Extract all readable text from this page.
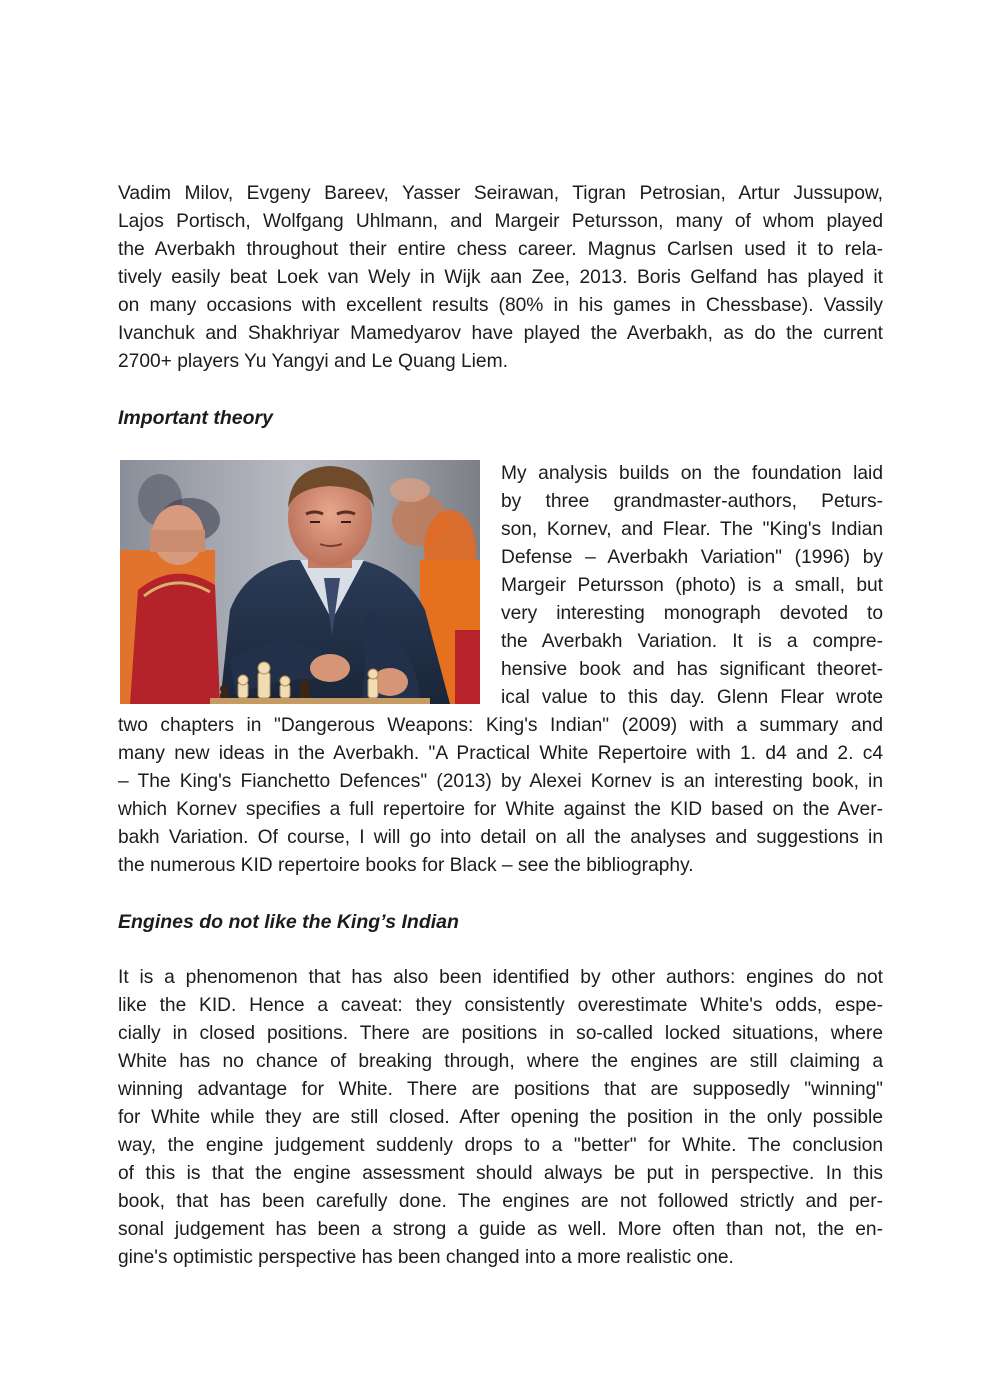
Vadim Milov, Evgeny Bareev, Yasser Seirawan, Tigran Petrosian, Artur Jussupow,
Lajos Portisch, Wolfgang Uhlmann, and Margeir Petursson, many of whom played
the Averbakh throughout their entire chess career. Magnus Carlsen used it to rela-
tively easily beat Loek van Wely in Wijk aan Zee, 2013. Boris Gelfand has played it
on many occasions with excellent results (80% in his games in Chessbase). Vassily
Ivanchuk and Shakhriyar Mamedyarov have played the Averbakh, as do the current
2700+ players Yu Yangyi and Le Quang Liem.
Important theory
My analysis builds on the foundation laid
by three grandmaster-authors, Peturs-
son, Kornev, and Flear. The "King's Indian
Defense – Averbakh Variation" (1996) by
Margeir Petursson (photo) is a small, but
very interesting monograph devoted to
the Averbakh Variation. It is a compre-
hensive book and has significant theoret-
ical value to this day. Glenn Flear wrote
two chapters in "Dangerous Weapons: King's Indian" (2009) with a summary and
many new ideas in the Averbakh. "A Practical White Repertoire with 1. d4 and 2. c4
– The King's Fianchetto Defences" (2013) by Alexei Kornev is an interesting book, in
which Kornev specifies a full repertoire for White against the KID based on the Aver-
bakh Variation. Of course, I will go into detail on all the analyses and suggestions in
the numerous KID repertoire books for Black – see the bibliography.
Engines do not like the King’s Indian
It is a phenomenon that has also been identified by other authors: engines do not
like the KID. Hence a caveat: they consistently overestimate White's odds, espe-
cially in closed positions. There are positions in so-called locked situations, where
White has no chance of breaking through, where the engines are still claiming a
winning advantage for White. There are positions that are supposedly "winning"
for White while they are still closed. After opening the position in the only possible
way, the engine judgement suddenly drops to a "better" for White. The conclusion
of this is that the engine assessment should always be put in perspective. In this
book, that has been carefully done. The engines are not followed strictly and per-
sonal judgement has been a strong a guide as well. More often than not, the en-
gine's optimistic perspective has been changed into a more realistic one.
